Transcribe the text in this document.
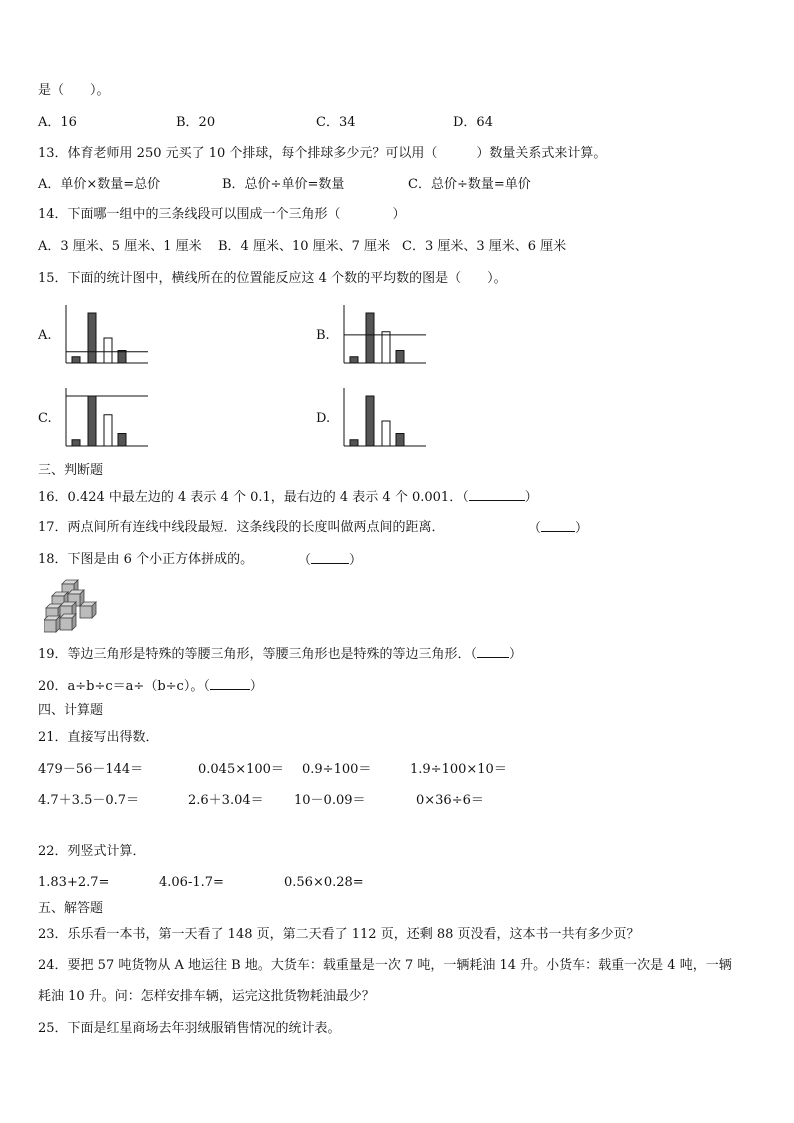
是（　　）。
A．16	B．20	C．34	D．64
13．体育老师用 250 元买了 10 个排球，每个排球多少元？可以用（　　　）数量关系式来计算。
A．单价×数量=总价	B．总价÷单价=数量	C．总价÷数量=单价
14．下面哪一组中的三条线段可以围成一个三角形（　　　　）
A．3 厘米、5 厘米、1 厘米 B．4 厘米、10 厘米、7 厘米 C．3 厘米、3 厘米、6 厘米
15．下面的统计图中，横线所在的位置能反应这 4 个数的平均数的图是（　　）。
A.	B.
C.	D.
三、判断题
16．0.424 中最左边的 4 表示 4 个 0.1，最右边的 4 表示 4 个 0.001．（	）
17．两点间所有连线中线段最短．这条线段的长度叫做两点间的距离．	（	）
18．下图是由 6 个小正方体拼成的。	（	）
19．等边三角形是特殊的等腰三角形，等腰三角形也是特殊的等边三角形．（ ）
20．a÷b÷c＝a÷（b÷c）。（	）
四、计算题
21．直接写出得数．
479－56－144＝	0.045×100＝ 0.9÷100＝	1.9÷100×10＝
4.7＋3.5－0.7＝	2.6＋3.04＝ 10－0.09＝	0×36÷6＝
22．列竖式计算．
1.83+2.7=	4.06-1.7=	0.56×0.28=
五、解答题
23．乐乐看一本书，第一天看了 148 页，第二天看了 112 页，还剩 88 页没看，这本书一共有多少页？
24．要把 57 吨货物从 A 地运往 B 地。大货车：载重量是一次 7 吨，一辆耗油 14 升。小货车：载重一次是 4 吨，一辆
耗油 10 升。问：怎样安排车辆，运完这批货物耗油最少？
25．下面是红星商场去年羽绒服销售情况的统计表。
